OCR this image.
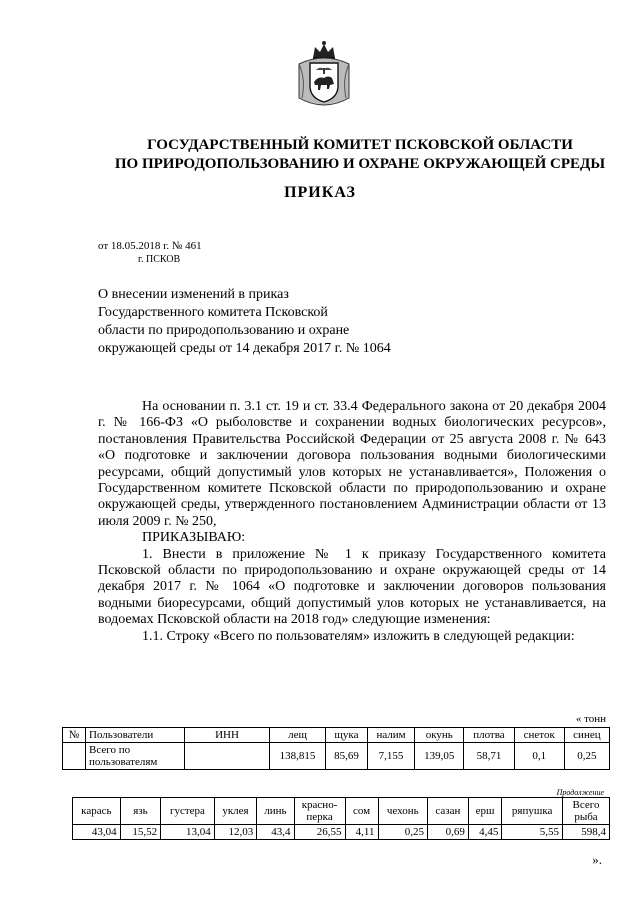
ГОСУДАРСТВЕННЫЙ КОМИТЕТ ПСКОВСКОЙ ОБЛАСТИ
ПО ПРИРОДОПОЛЬЗОВАНИЮ И ОХРАНЕ ОКРУЖАЮЩЕЙ СРЕДЫ
ПРИКАЗ
от 18.05.2018 г. № 461
г. ПСКОВ
О внесении изменений в приказ
Государственного комитета Псковской
области по природопользованию и охране
окружающей среды от 14 декабря 2017 г. № 1064

На основании п. 3.1 ст. 19 и ст. 33.4 Федерального закона от 20 декабря 2004 г. № 166-ФЗ «О рыболовстве и сохранении водных биологических ресурсов», постановления Правительства Российской Федерации от 25 августа 2008 г. № 643 «О подготовке и заключении договора пользования водными биологическими ресурсами, общий допустимый улов которых не устанавливается», Положения о Государственном комитете Псковской области по природопользованию и охране окружающей среды, утвержденного постановлением Администрации области от 13 июля 2009 г. № 250,

ПРИКАЗЫВАЮ:

1. Внести в приложение № 1 к приказу Государственного комитета Псковской области по природопользованию и охране окружающей среды от 14 декабря 2017 г. № 1064 «О подготовке и заключении договоров пользования водными биоресурсами, общий допустимый улов которых не устанавливается, на водоемах Псковской области на 2018 год» следующие изменения:

1.1. Строку «Всего по пользователям» изложить в следующей редакции:

« тонн
№	Пользователи	ИНН	лещ	щука	налим	окунь	плотва	снеток	синец
	Всего по пользователям		138,815	85,69	7,155	139,05	58,71	0,1	0,25
Продолжение
карась	язь	густера	уклея	линь	красно-перка	сом	чехонь	сазан	ерш	ряпушка	Всего рыба
43,04	15,52	13,04	12,03	43,4	26,55	4,11	0,25	0,69	4,45	5,55	598,4
».
